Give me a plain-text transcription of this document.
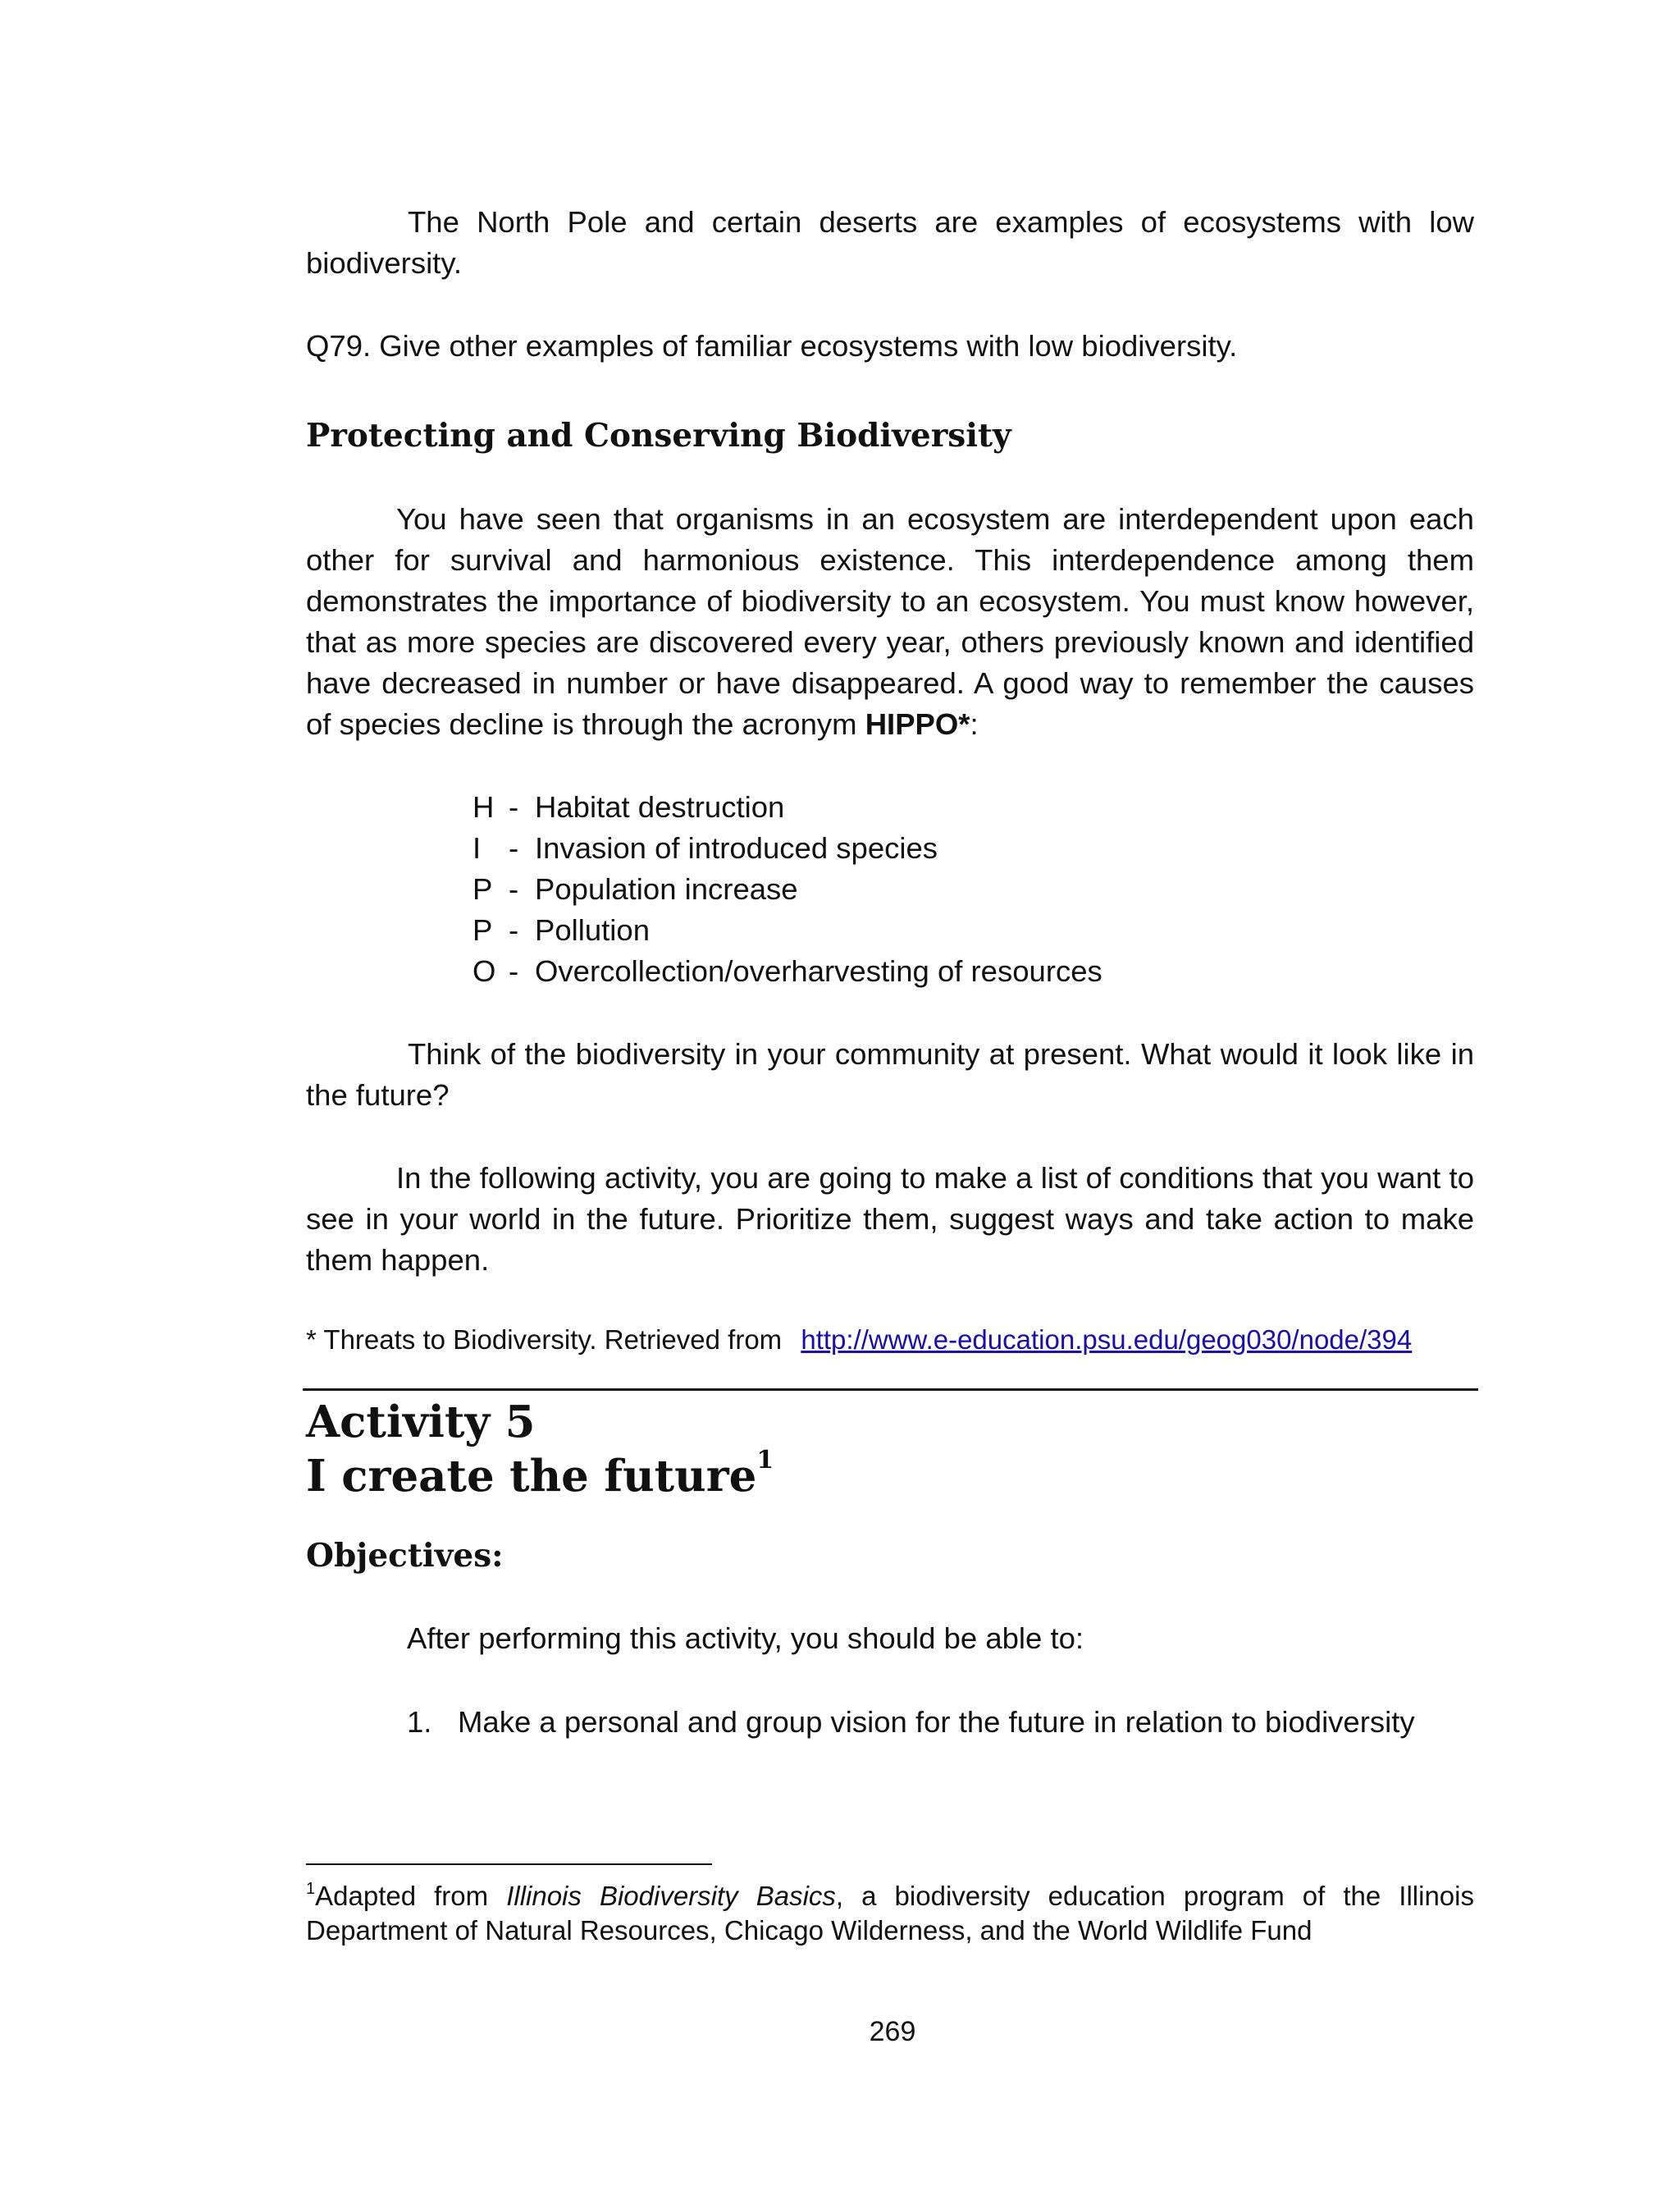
The North Pole and certain deserts are examples of ecosystems with low biodiversity.

Q79. Give other examples of familiar ecosystems with low biodiversity.

Protecting and Conserving Biodiversity

You have seen that organisms in an ecosystem are interdependent upon each other for survival and harmonious existence. This interdependence among them demonstrates the importance of biodiversity to an ecosystem. You must know however, that as more species are discovered every year, others previously known and identified have decreased in number or have disappeared. A good way to remember the causes of species decline is through the acronym HIPPO*:

H - Habitat destruction
I - Invasion of introduced species
P - Population increase
P - Pollution
O - Overcollection/overharvesting of resources

Think of the biodiversity in your community at present. What would it look like in the future?

In the following activity, you are going to make a list of conditions that you want to see in your world in the future. Prioritize them, suggest ways and take action to make them happen.

* Threats to Biodiversity. Retrieved from http://www.e-education.psu.edu/geog030/node/394
Activity 5
I create the future$^1$
Objectives:

After performing this activity, you should be able to:

1. Make a personal and group vision for the future in relation to biodiversity

$^1$Adapted from Illinois Biodiversity Basics, a biodiversity education program of the Illinois Department of Natural Resources, Chicago Wilderness, and the World Wildlife Fund

269
